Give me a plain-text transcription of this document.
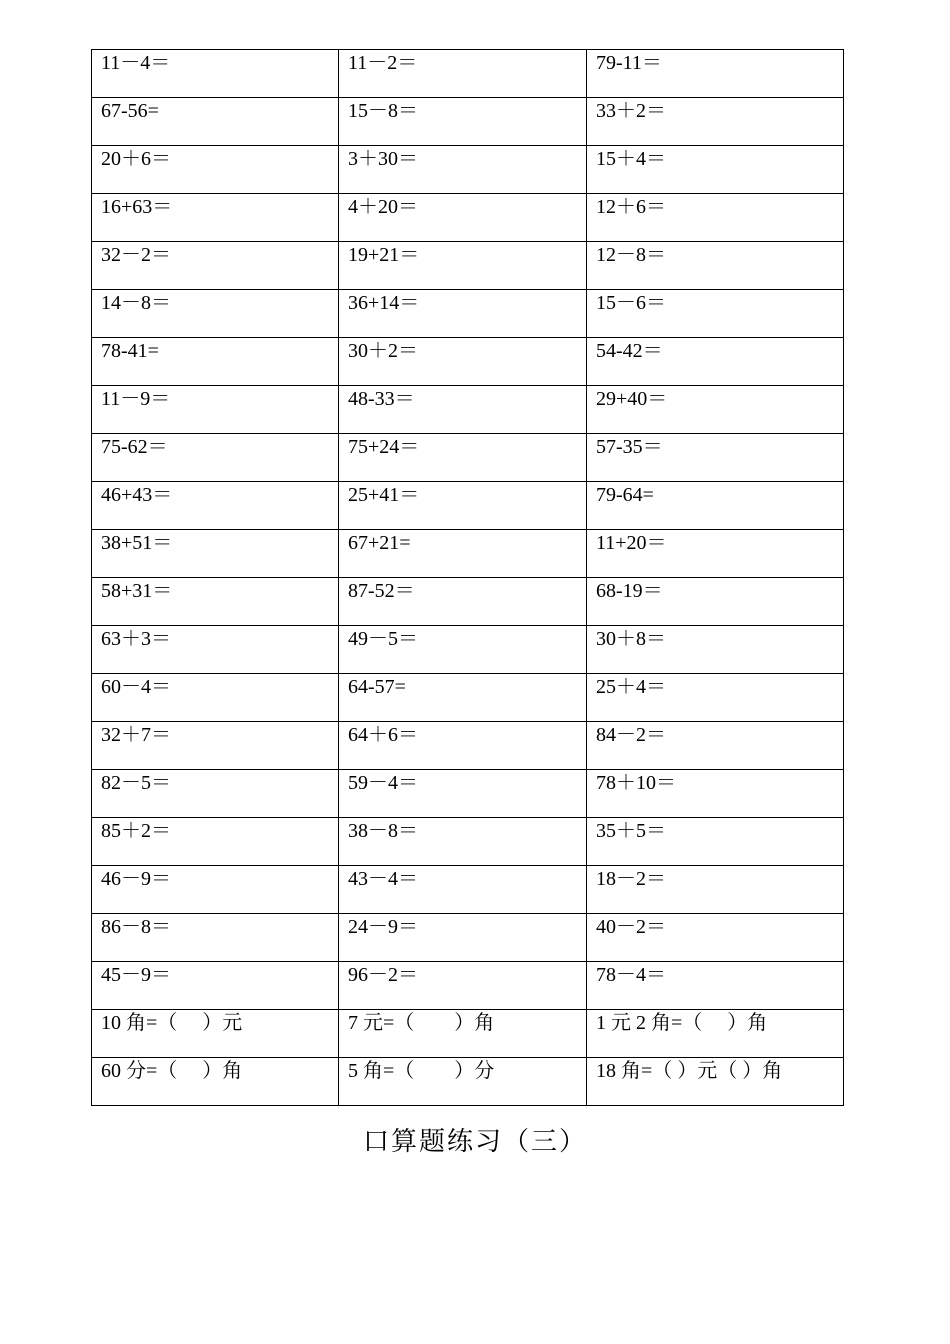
11－4＝	11－2＝	79-11＝

67-56=	15－8＝	33＋2＝

20＋6＝	3＋30＝	15＋4＝

16+63＝	4＋20＝	12＋6＝

32－2＝	19+21＝	12－8＝

14－8＝	36+14＝	15－6＝

78-41=	30＋2＝	54-42＝

11－9＝	48-33＝	29+40＝

75-62＝	75+24＝	57-35＝

46+43＝	25+41＝	79-64=

38+51＝	67+21=	11+20＝

58+31＝	87-52＝	68-19＝

63＋3＝	49－5＝	30＋8＝

60－4＝	64-57=	25＋4＝

32＋7＝	64＋6＝	84－2＝

82－5＝	59－4＝	78＋10＝

85＋2＝	38－8＝	35＋5＝

46－9＝	43－4＝	18－2＝

86－8＝	24－9＝	40－2＝

45－9＝	96－2＝	78－4＝

10 角=（　 ）元	7 元=（　　）角	1 元 2 角=（　 ）角

60 分=（　 ）角	5 角=（　　）分	18 角=（ ）元（ ）角
口算题练习（三）
